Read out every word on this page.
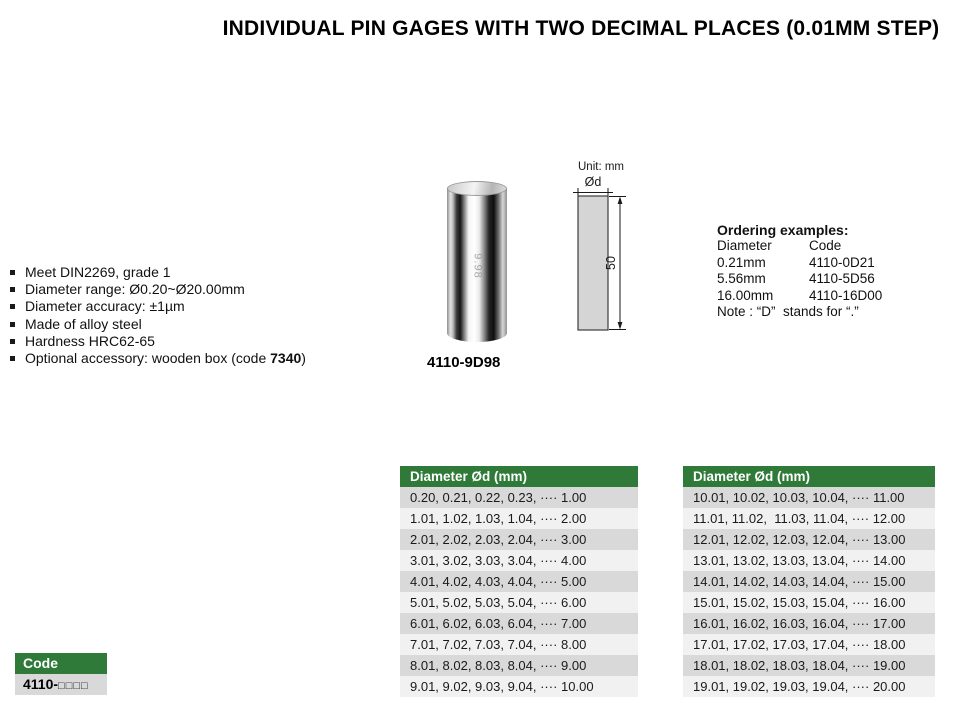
INDIVIDUAL PIN GAGES WITH TWO DECIMAL PLACES (0.01MM STEP)
Meet DIN2269, grade 1
Diameter range: Ø0.20~Ø20.00mm
Diameter accuracy: ±1µm
Made of alloy steel
Hardness HRC62-65
Optional accessory: wooden box (code 7340)
9.98
4110-9D98
Unit: mm
Ød
50
Ordering examples:
Diameter	Code
0.21mm	4110-0D21
5.56mm	4110-5D56
16.00mm	4110-16D00
Note : “D”  stands for “.”
Diameter Ød (mm)
0.20, 0.21, 0.22, 0.23, ···· 1.00
1.01, 1.02, 1.03, 1.04, ···· 2.00
2.01, 2.02, 2.03, 2.04, ···· 3.00
3.01, 3.02, 3.03, 3.04, ···· 4.00
4.01, 4.02, 4.03, 4.04, ···· 5.00
5.01, 5.02, 5.03, 5.04, ···· 6.00
6.01, 6.02, 6.03, 6.04, ···· 7.00
7.01, 7.02, 7.03, 7.04, ···· 8.00
8.01, 8.02, 8.03, 8.04, ···· 9.00
9.01, 9.02, 9.03, 9.04, ···· 10.00
Diameter Ød (mm)
10.01, 10.02, 10.03, 10.04, ···· 11.00
11.01, 11.02,  11.03, 11.04, ···· 12.00
12.01, 12.02, 12.03, 12.04, ···· 13.00
13.01, 13.02, 13.03, 13.04, ···· 14.00
14.01, 14.02, 14.03, 14.04, ···· 15.00
15.01, 15.02, 15.03, 15.04, ···· 16.00
16.01, 16.02, 16.03, 16.04, ···· 17.00
17.01, 17.02, 17.03, 17.04, ···· 18.00
18.01, 18.02, 18.03, 18.04, ···· 19.00
19.01, 19.02, 19.03, 19.04, ···· 20.00
Code
4110-□□□□
